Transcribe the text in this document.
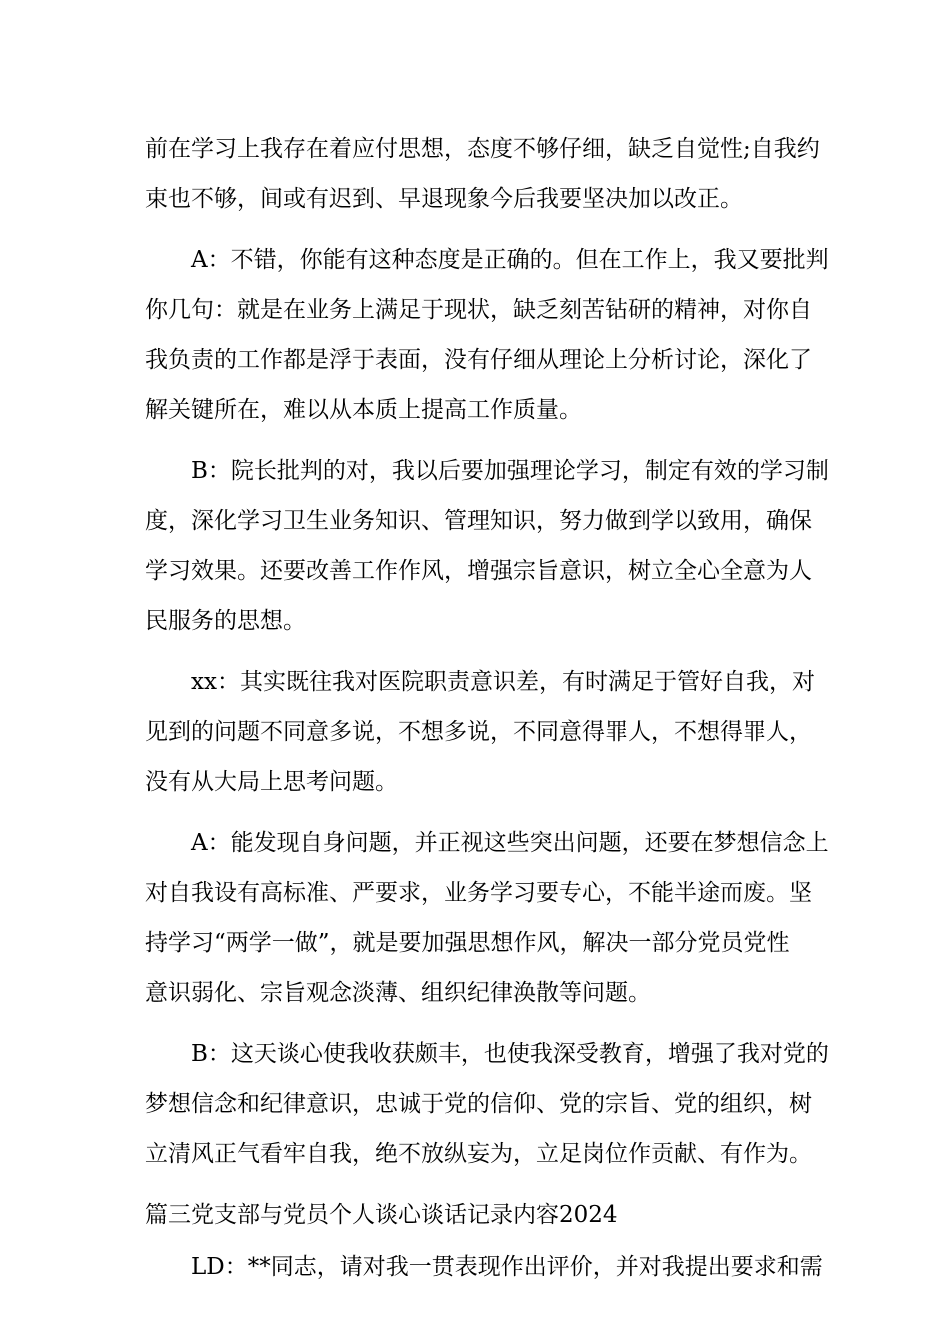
前在学习上我存在着应付思想，态度不够仔细，缺乏自觉性;自我约
束也不够，间或有迟到、早退现象今后我要坚决加以改正。

A：不错，你能有这种态度是正确的。但在工作上，我又要批判
你几句：就是在业务上满足于现状，缺乏刻苦钻研的精神，对你自
我负责的工作都是浮于表面，没有仔细从理论上分析讨论，深化了
解关键所在，难以从本质上提高工作质量。

B：院长批判的对，我以后要加强理论学习，制定有效的学习制
度，深化学习卫生业务知识、管理知识，努力做到学以致用，确保
学习效果。还要改善工作作风，增强宗旨意识，树立全心全意为人
民服务的思想。

xx：其实既往我对医院职责意识差，有时满足于管好自我，对
见到的问题不同意多说，不想多说，不同意得罪人，不想得罪人，
没有从大局上思考问题。

A：能发现自身问题，并正视这些突出问题，还要在梦想信念上
对自我设有高标准、严要求，业务学习要专心，不能半途而废。坚
持学习“两学一做”，就是要加强思想作风，解决一部分党员党性
意识弱化、宗旨观念淡薄、组织纪律涣散等问题。

B：这天谈心使我收获颇丰，也使我深受教育，增强了我对党的
梦想信念和纪律意识，忠诚于党的信仰、党的宗旨、党的组织，树
立清风正气看牢自我，绝不放纵妄为，立足岗位作贡献、有作为。

篇三党支部与党员个人谈心谈话记录内容2024

LD：**同志，请对我一贯表现作出评价，并对我提出要求和需
